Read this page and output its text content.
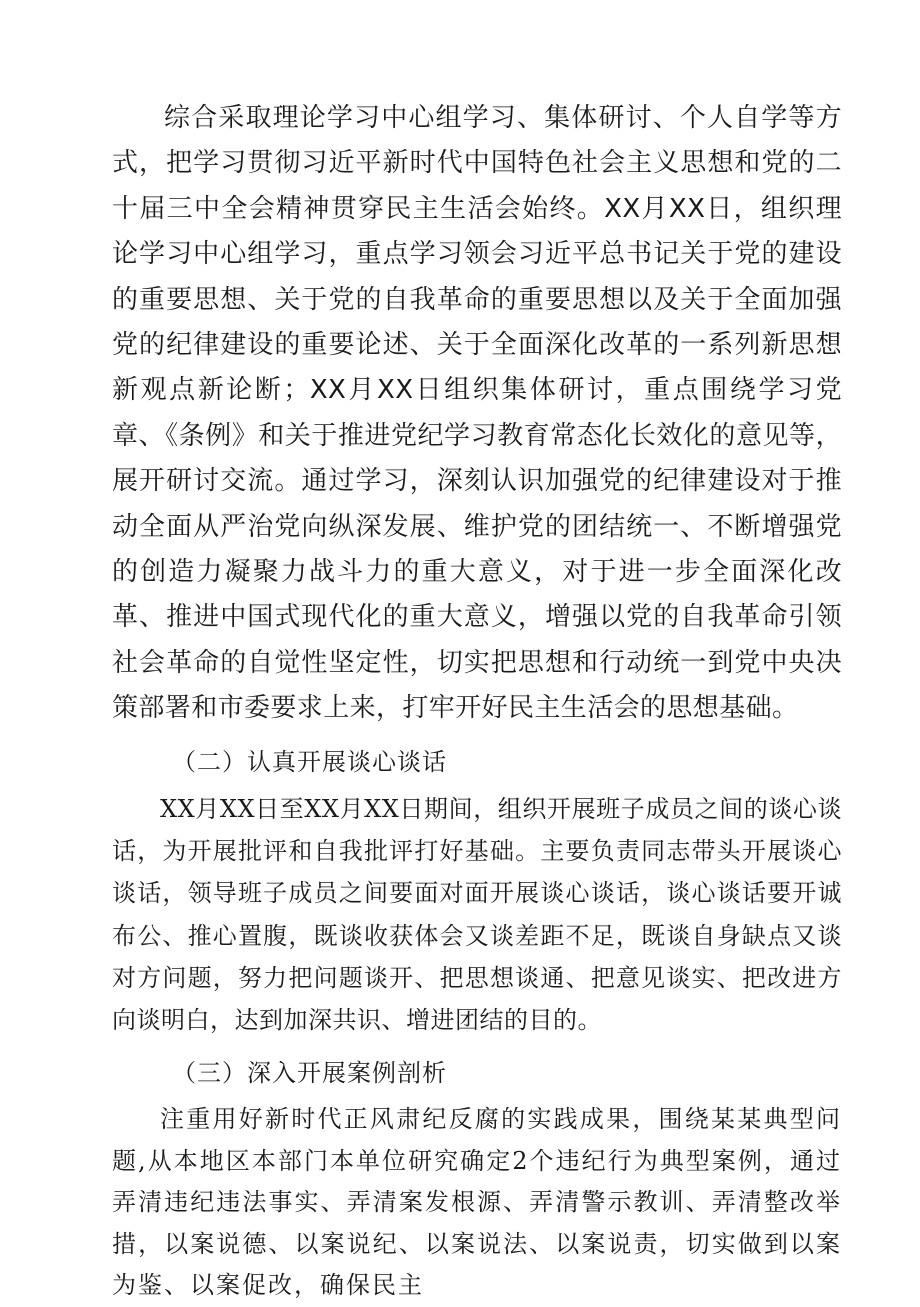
综合采取理论学习中心组学习、集体研讨、个人自学等方式，把学习贯彻习近平新时代中国特色社会主义思想和党的二十届三中全会精神贯穿民主生活会始终。XX月XX日，组织理论学习中心组学习，重点学习领会习近平总书记关于党的建设的重要思想、关于党的自我革命的重要思想以及关于全面加强党的纪律建设的重要论述、关于全面深化改革的一系列新思想新观点新论断；XX月XX日组织集体研讨，重点围绕学习党章、《条例》和关于推进党纪学习教育常态化长效化的意见等，展开研讨交流。通过学习，深刻认识加强党的纪律建设对于推动全面从严治党向纵深发展、维护党的团结统一、不断增强党的创造力凝聚力战斗力的重大意义，对于进一步全面深化改革、推进中国式现代化的重大意义，增强以党的自我革命引领社会革命的自觉性坚定性，切实把思想和行动统一到党中央决策部署和市委要求上来，打牢开好民主生活会的思想基础。

（二）认真开展谈心谈话

XX月XX日至XX月XX日期间，组织开展班子成员之间的谈心谈话，为开展批评和自我批评打好基础。主要负责同志带头开展谈心谈话，领导班子成员之间要面对面开展谈心谈话，谈心谈话要开诚布公、推心置腹，既谈收获体会又谈差距不足，既谈自身缺点又谈对方问题，努力把问题谈开、把思想谈通、把意见谈实、把改进方向谈明白，达到加深共识、增进团结的目的。

（三）深入开展案例剖析

注重用好新时代正风肃纪反腐的实践成果，围绕某某典型问题,从本地区本部门本单位研究确定2个违纪行为典型案例，通过弄清违纪违法事实、弄清案发根源、弄清警示教训、弄清整改举措，以案说德、以案说纪、以案说法、以案说责，切实做到以案为鉴、以案促改，确保民主
